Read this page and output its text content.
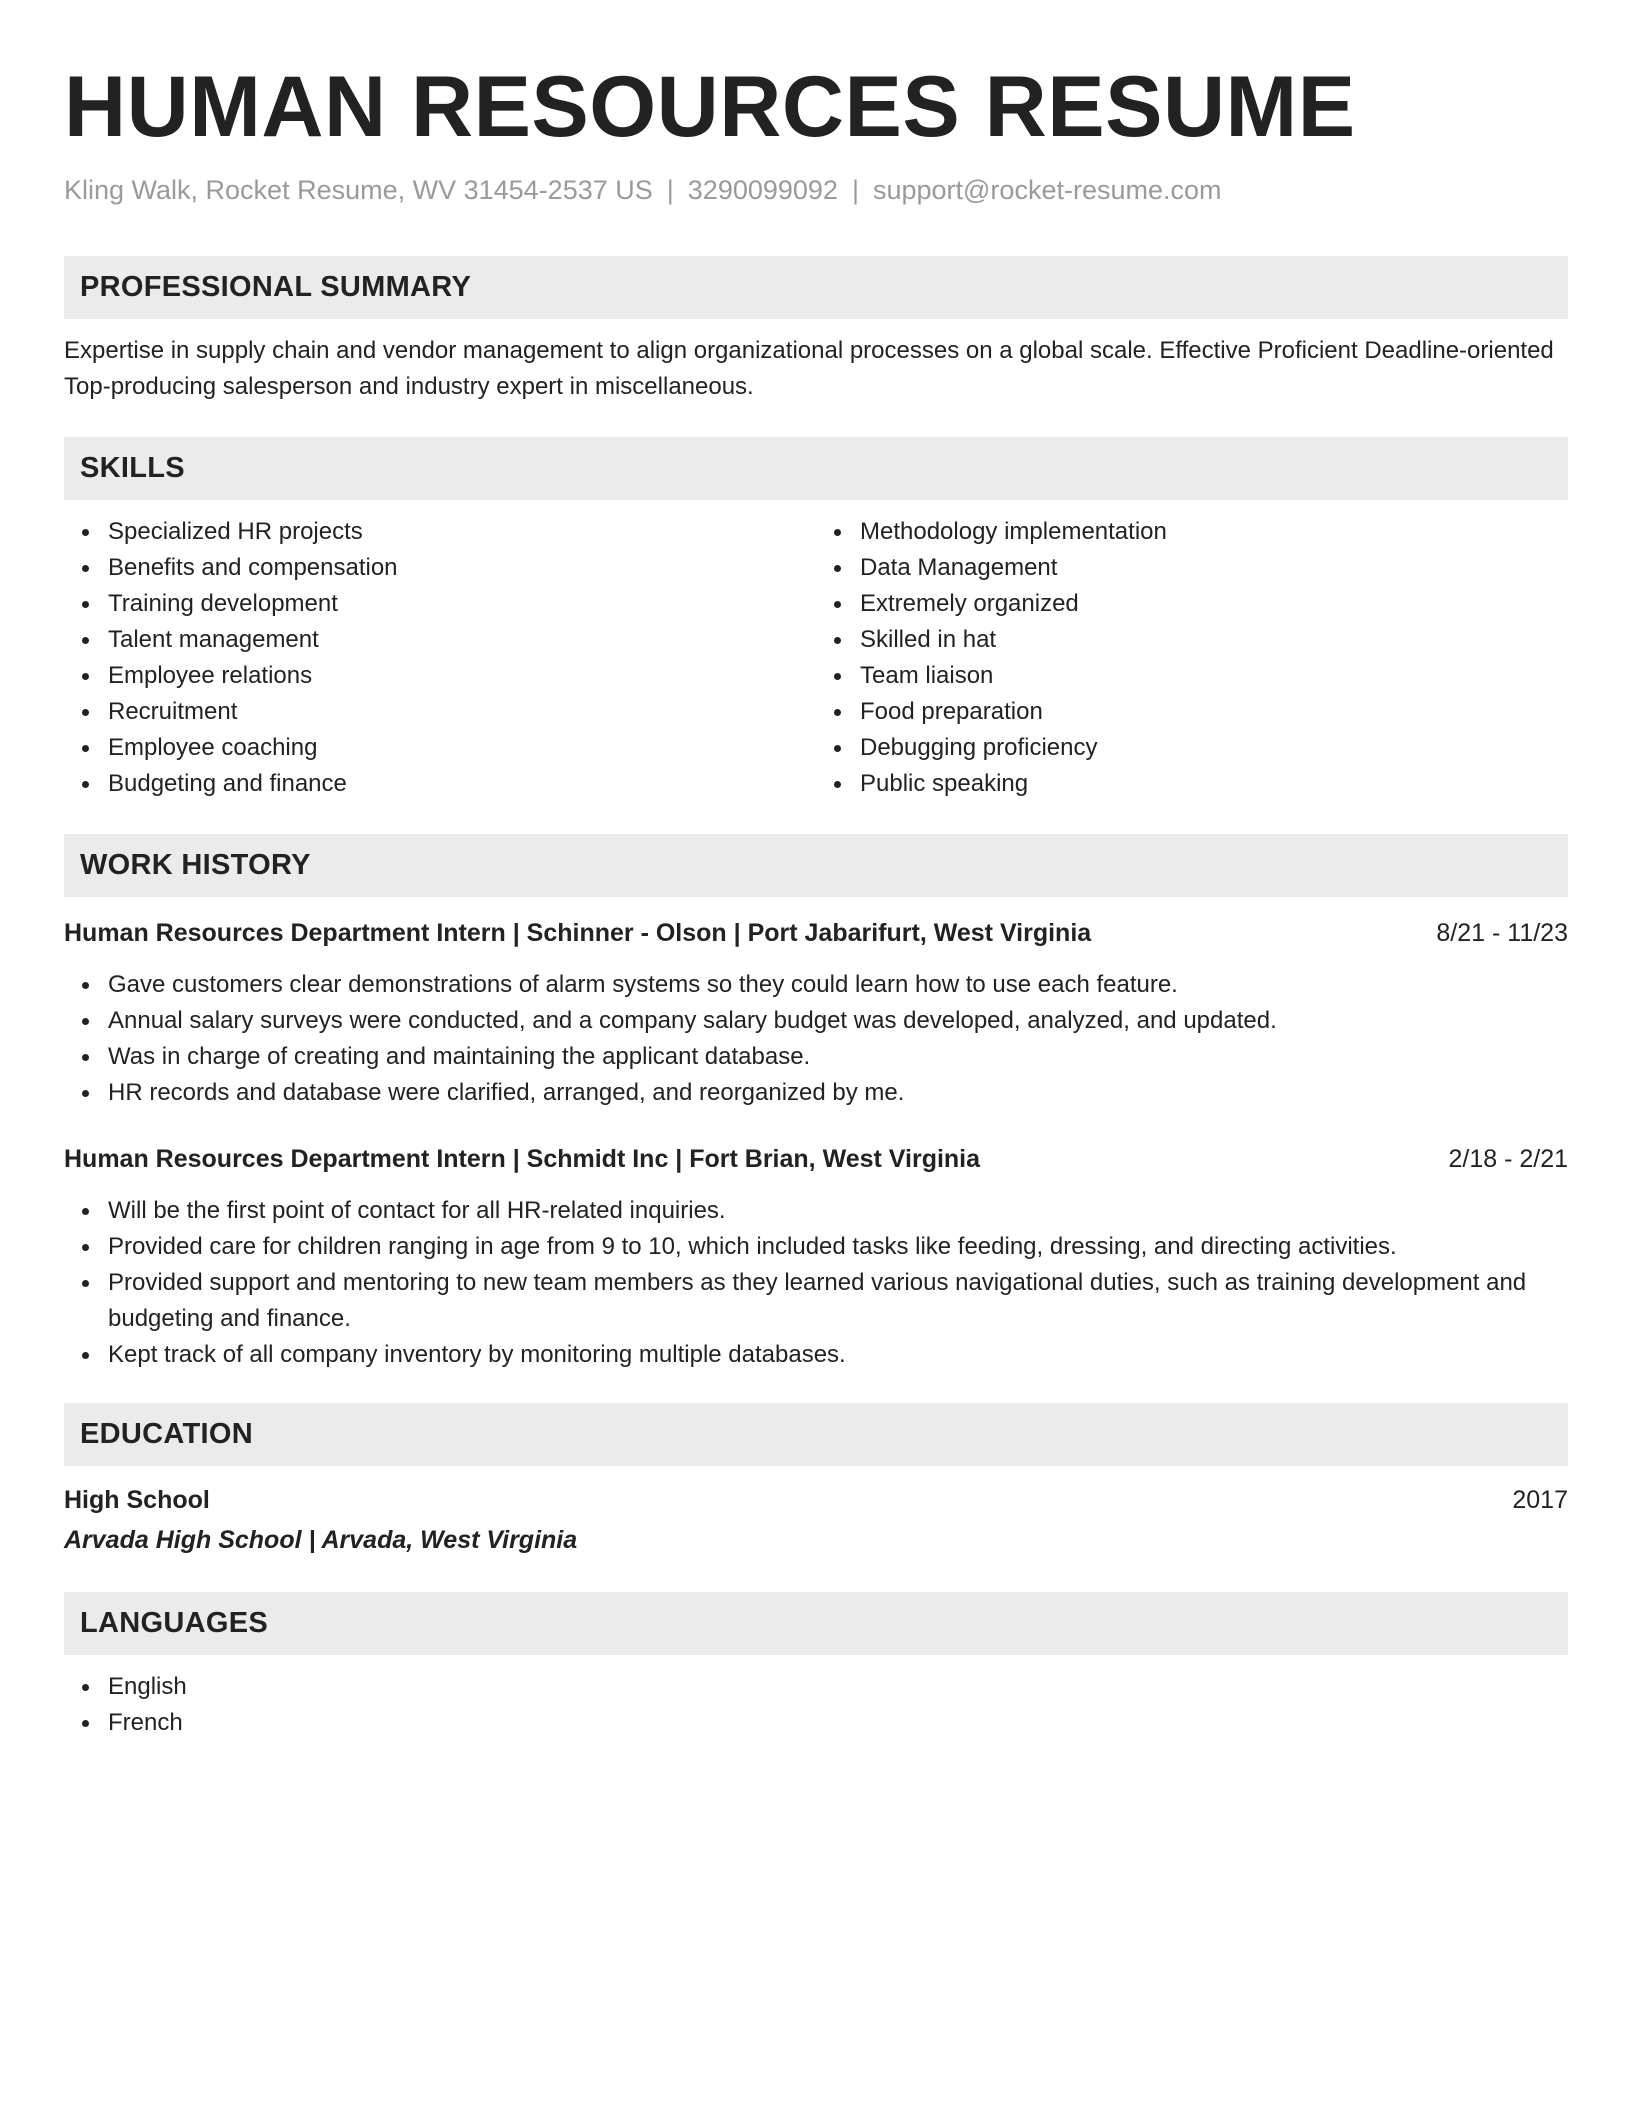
HUMAN RESOURCES RESUME
Kling Walk, Rocket Resume, WV 31454-2537 US | 3290099092 | support@rocket-resume.com
PROFESSIONAL SUMMARY
Expertise in supply chain and vendor management to align organizational processes on a global scale. Effective Proficient Deadline-oriented Top-producing salesperson and industry expert in miscellaneous.
SKILLS
Specialized HR projects
Benefits and compensation
Training development
Talent management
Employee relations
Recruitment
Employee coaching
Budgeting and finance
Methodology implementation
Data Management
Extremely organized
Skilled in hat
Team liaison
Food preparation
Debugging proficiency
Public speaking
WORK HISTORY
Human Resources Department Intern | Schinner - Olson | Port Jabarifurt, West Virginia	8/21 - 11/23
Gave customers clear demonstrations of alarm systems so they could learn how to use each feature.
Annual salary surveys were conducted, and a company salary budget was developed, analyzed, and updated.
Was in charge of creating and maintaining the applicant database.
HR records and database were clarified, arranged, and reorganized by me.
Human Resources Department Intern | Schmidt Inc | Fort Brian, West Virginia	2/18 - 2/21
Will be the first point of contact for all HR-related inquiries.
Provided care for children ranging in age from 9 to 10, which included tasks like feeding, dressing, and directing activities.
Provided support and mentoring to new team members as they learned various navigational duties, such as training development and budgeting and finance.
Kept track of all company inventory by monitoring multiple databases.
EDUCATION
High School	2017
Arvada High School | Arvada, West Virginia
LANGUAGES
English
French
